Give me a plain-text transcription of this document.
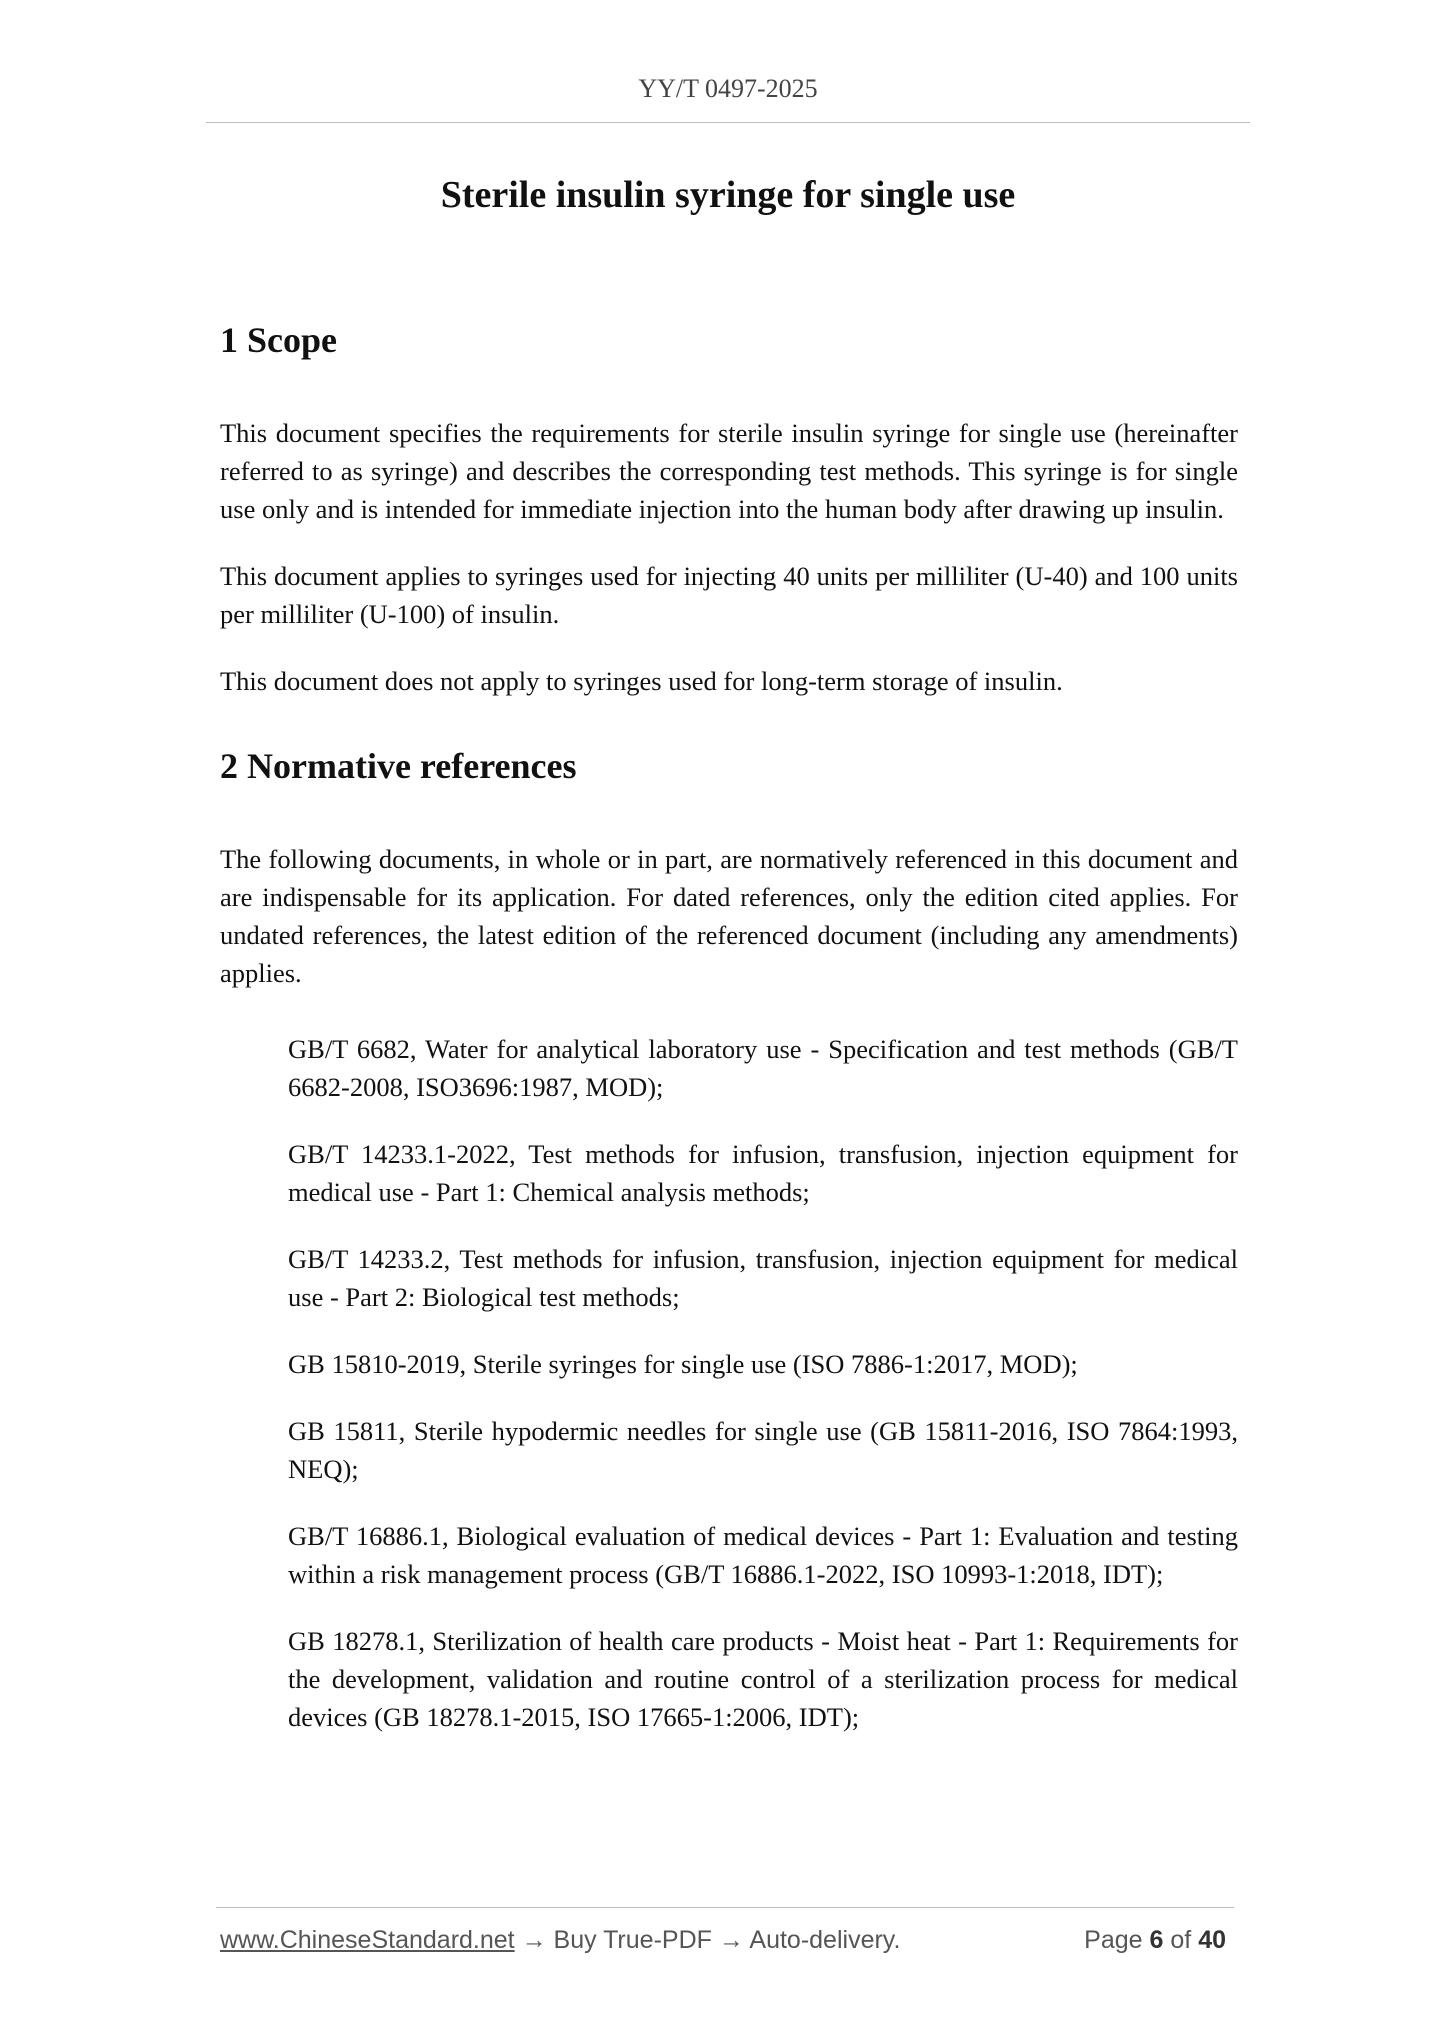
YY/T 0497-2025
Sterile insulin syringe for single use
1 Scope

This document specifies the requirements for sterile insulin syringe for single use (hereinafter referred to as syringe) and describes the corresponding test methods. This syringe is for single use only and is intended for immediate injection into the human body after drawing up insulin.

This document applies to syringes used for injecting 40 units per milliliter (U-40) and 100 units per milliliter (U-100) of insulin.

This document does not apply to syringes used for long-term storage of insulin.

2 Normative references

The following documents, in whole or in part, are normatively referenced in this document and are indispensable for its application. For dated references, only the edition cited applies. For undated references, the latest edition of the referenced document (including any amendments) applies.

GB/T 6682, Water for analytical laboratory use - Specification and test methods (GB/T 6682-2008, ISO3696:1987, MOD);
GB/T 14233.1-2022, Test methods for infusion, transfusion, injection equipment for medical use - Part 1: Chemical analysis methods;
GB/T 14233.2, Test methods for infusion, transfusion, injection equipment for medical use - Part 2: Biological test methods;
GB 15810-2019, Sterile syringes for single use (ISO 7886-1:2017, MOD);
GB 15811, Sterile hypodermic needles for single use (GB 15811-2016, ISO 7864:1993, NEQ);
GB/T 16886.1, Biological evaluation of medical devices - Part 1: Evaluation and testing within a risk management process (GB/T 16886.1-2022, ISO 10993-1:2018, IDT);
GB 18278.1, Sterilization of health care products - Moist heat - Part 1: Requirements for the development, validation and routine control of a sterilization process for medical devices (GB 18278.1-2015, ISO 17665-1:2006, IDT);
www.ChineseStandard.net → Buy True-PDF → Auto-delivery.	Page 6 of 40
